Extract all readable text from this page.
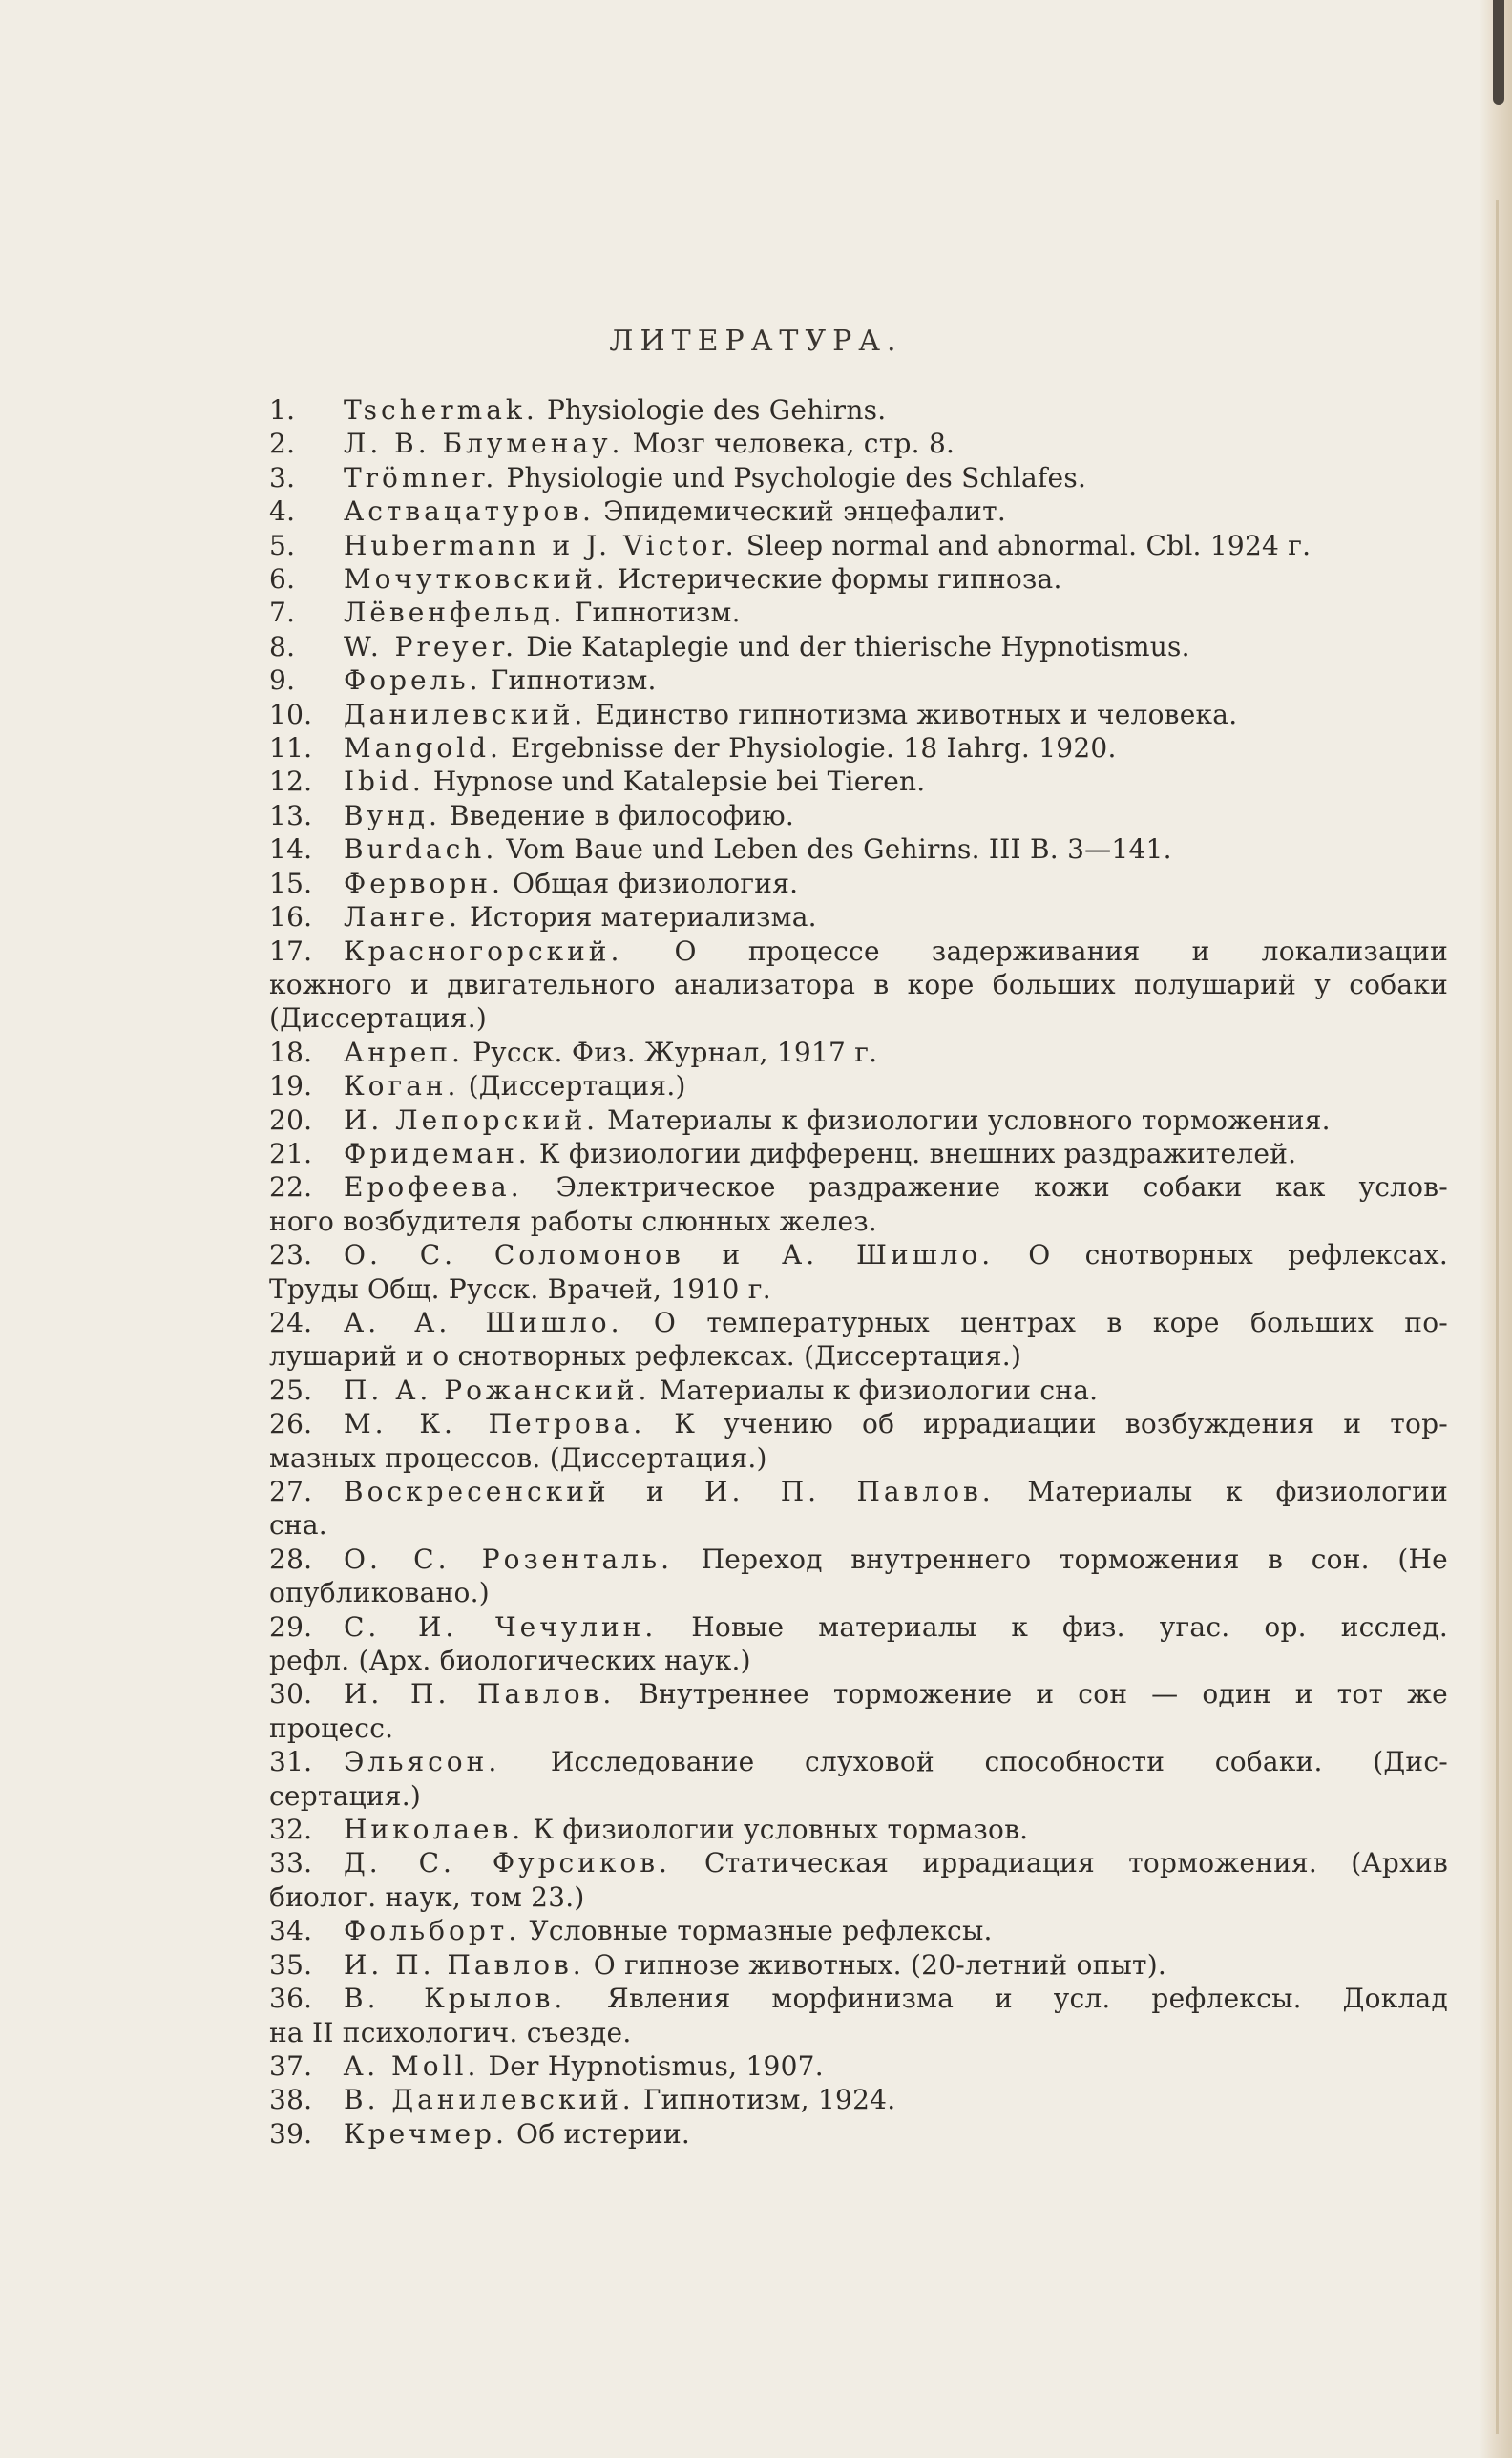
ЛИТЕРАТУРА.
1. Tschermak. Physiologie des Gehirns.
2. Л. В. Блуменау. Мозг человека, стр. 8.
3. Trömner. Physiologie und Psychologie des Schlafes.
4. Аствацатуров. Эпидемический энцефалит.
5. Hubermann и J. Victor. Sleep normal and abnormal. Cbl. 1924 г.
6. Мочутковский. Истерические формы гипноза.
7. Лёвенфельд. Гипнотизм.
8. W. Preyer. Die Kataplegie und der thierische Hypnotismus.
9. Форель. Гипнотизм.
10. Данилевский. Единство гипнотизма животных и человека.
11. Mangold. Ergebnisse der Physiologie. 18 Iahrg. 1920.
12. Ibid. Hypnose und Katalepsie bei Tieren.
13. Вунд. Введение в философию.
14. Burdach. Vom Baue und Leben des Gehirns. III B. 3—141.
15. Ферворн. Общая физиология.
16. Ланге. История материализма.
17. Красногорский. О процессе задерживания и локализации
кожного и двигательного анализатора в коре больших полушарий у собаки
(Диссертация.)
18. Анреп. Русск. Физ. Журнал, 1917 г.
19. Коган. (Диссертация.)
20. И. Лепорский. Материалы к физиологии условного торможения.
21. Фридеман. К физиологии дифференц. внешних раздражителей.
22. Ерофеева. Электрическое раздражение кожи собаки как услов-
ного возбудителя работы слюнных желез.
23. О. С. Соломонов и А. Шишло. О снотворных рефлексах.
Труды Общ. Русск. Врачей, 1910 г.
24. А. А. Шишло. О температурных центрах в коре больших по-
лушарий и о снотворных рефлексах. (Диссертация.)
25. П. А. Рожанский. Материалы к физиологии сна.
26. М. К. Петрова. К учению об иррадиации возбуждения и тор-
мазных процессов. (Диссертация.)
27. Воскресенский и И. П. Павлов. Материалы к физиологии
сна.
28. О. С. Розенталь. Переход внутреннего торможения в сон. (Не
опубликовано.)
29. С. И. Чечулин. Новые материалы к физ. угас. ор. исслед.
рефл. (Арх. биологических наук.)
30. И. П. Павлов. Внутреннее торможение и сон — один и тот же
процесс.
31. Эльясон. Исследование слуховой способности собаки. (Дис-
сертация.)
32. Николаев. К физиологии условных тормазов.
33. Д. С. Фурсиков. Статическая иррадиация торможения. (Архив
биолог. наук, том 23.)
34. Фольборт. Условные тормазные рефлексы.
35. И. П. Павлов. О гипнозе животных. (20-летний опыт).
36. В. Крылов. Явления морфинизма и усл. рефлексы. Доклад
на II психологич. съезде.
37. A. Moll. Der Hypnotismus, 1907.
38. В. Данилевский. Гипнотизм, 1924.
39. Кречмер. Об истерии.
